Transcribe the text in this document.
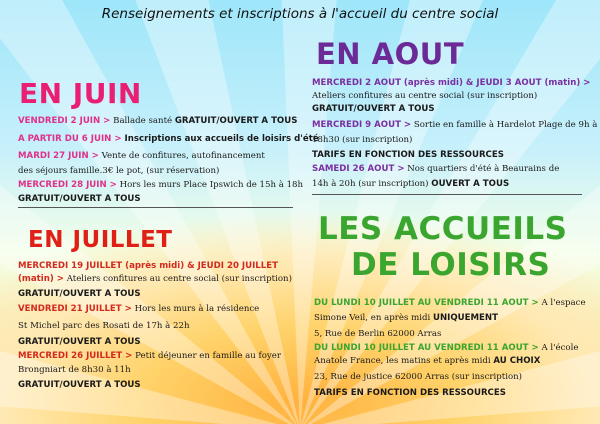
Renseignements et inscriptions à l'accueil du centre social
EN JUIN
VENDREDI 2 JUIN > Ballade santé GRATUIT/OUVERT A TOUS
A PARTIR DU 6 JUIN > Inscriptions aux accueils de loisirs d'été
MARDI 27 JUIN > Vente de confitures, autofinancement
des séjours famille.3€ le pot, (sur réservation)
MERCREDI 28 JUIN > Hors les murs Place Ipswich de 15h à 18h
GRATUIT/OUVERT A TOUS
EN AOUT
MERCREDI 2 AOUT (après midi) & JEUDI 3 AOUT (matin) >
Ateliers confitures au centre social (sur inscription)
GRATUIT/OUVERT A TOUS
MERCREDI 9 AOUT > Sortie en famille à Hardelot Plage de 9h à
18h30 (sur inscription)
TARIFS EN FONCTION DES RESSOURCES
SAMEDI 26 AOUT > Nos quartiers d'été à Beaurains de
14h à 20h (sur inscription) OUVERT A TOUS
EN JUILLET
MERCREDI 19 JUILLET (après midi) & JEUDI 20 JUILLET
(matin) > Ateliers confitures au centre social (sur inscription)
GRATUIT/OUVERT A TOUS
VENDREDI 21 JUILLET > Hors les murs à la résidence
St Michel parc des Rosati de 17h à 22h
GRATUIT/OUVERT A TOUS
MERCREDI 26 JUILLET > Petit déjeuner en famille au foyer
Brongniart de 8h30 à 11h
GRATUIT/OUVERT A TOUS
LES ACCUEILS
DE LOISIRS
DU LUNDI 10 JUILLET AU VENDREDI 11 AOUT > A l'espace
Simone Veil, en après midi UNIQUEMENT
5, Rue de Berlin 62000 Arras
DU LUNDI 10 JUILLET AU VENDREDI 11 AOUT > A l'école
Anatole France, les matins et après midi AU CHOIX
23, Rue de justice 62000 Arras (sur inscription)
TARIFS EN FONCTION DES RESSOURCES
